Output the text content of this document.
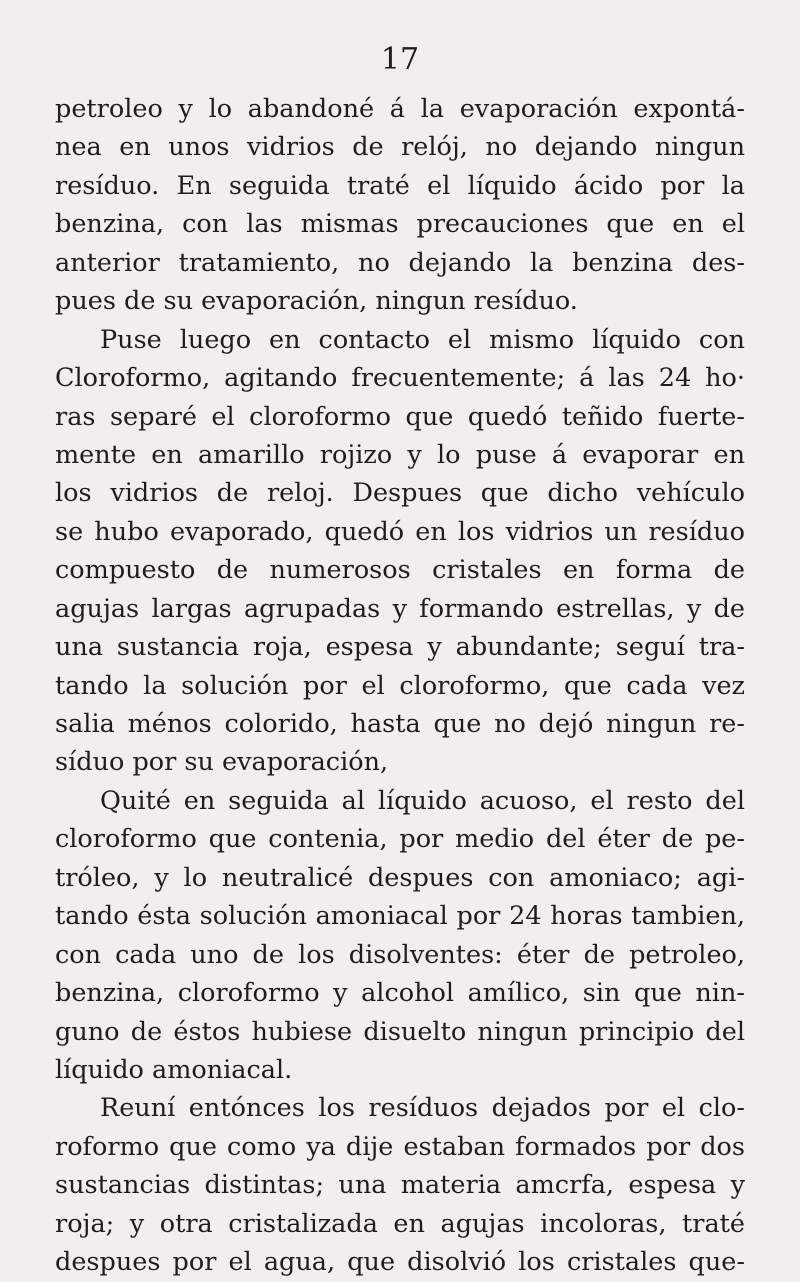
17
petroleo y lo abandoné á la evaporación expontá-
nea en unos vidrios de relój, no dejando ningun
resíduo. En seguida traté el líquido ácido por la
benzina, con las mismas precauciones que en el
anterior tratamiento, no dejando la benzina des-
pues de su evaporación, ningun resíduo.
Puse luego en contacto el mismo líquido con
Cloroformo, agitando frecuentemente; á las 24 ho·
ras separé el cloroformo que quedó teñido fuerte-
mente en amarillo rojizo y lo puse á evaporar en
los vidrios de reloj. Despues que dicho vehículo
se hubo evaporado, quedó en los vidrios un resíduo
compuesto de numerosos cristales en forma de
agujas largas agrupadas y formando estrellas, y de
una sustancia roja, espesa y abundante; seguí tra-
tando la solución por el cloroformo, que cada vez
salia ménos colorido, hasta que no dejó ningun re-
síduo por su evaporación,
Quité en seguida al líquido acuoso, el resto del
cloroformo que contenia, por medio del éter de pe-
tróleo, y lo neutralicé despues con amoniaco; agi-
tando ésta solución amoniacal por 24 horas tambien,
con cada uno de los disolventes: éter de petroleo,
benzina, cloroformo y alcohol amílico, sin que nin-
guno de éstos hubiese disuelto ningun principio del
líquido amoniacal.
Reuní entónces los resíduos dejados por el clo-
roformo que como ya dije estaban formados por dos
sustancias distintas; una materia amcrfa, espesa y
roja; y otra cristalizada en agujas incoloras, traté
despues por el agua, que disolvió los cristales que-
